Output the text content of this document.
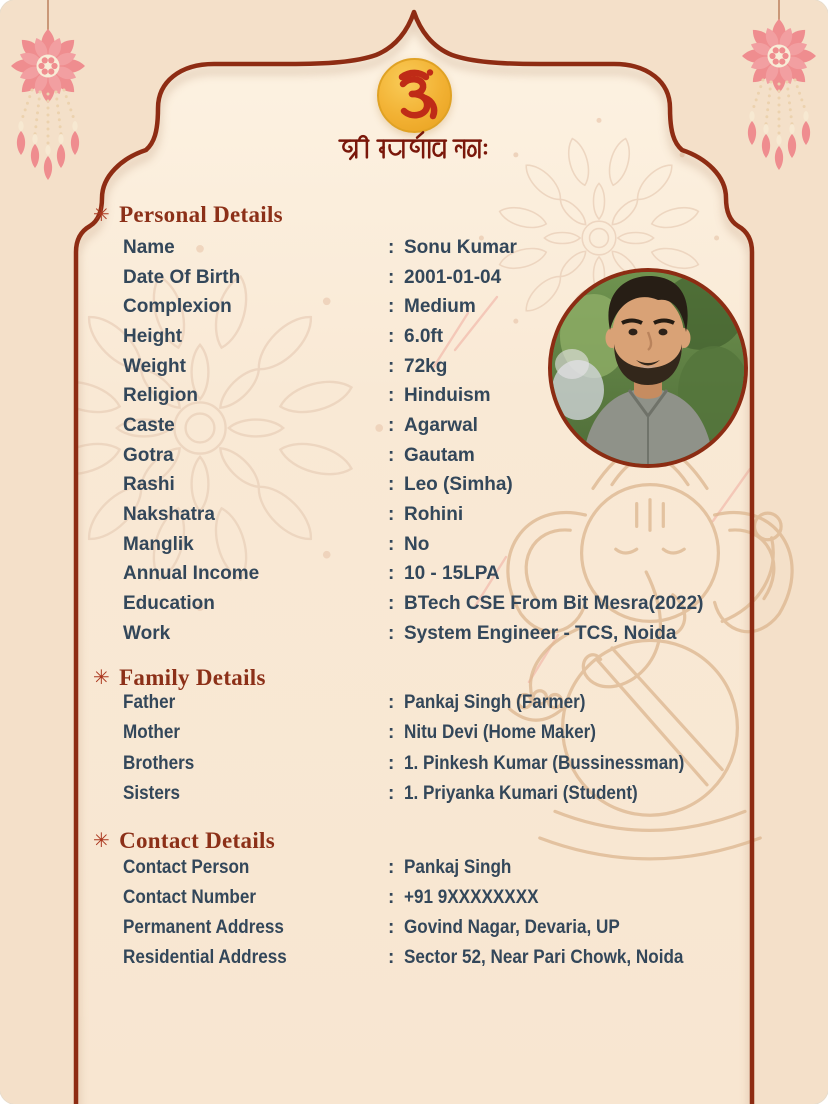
✳ Personal Details
Name	: Sonu Kumar
Date Of Birth	: 2001-01-04
Complexion	: Medium
Height	: 6.0ft
Weight	: 72kg
Religion	: Hinduism
Caste	: Agarwal
Gotra	: Gautam
Rashi	: Leo (Simha)
Nakshatra	: Rohini
Manglik	: No
Annual Income	: 10 - 15LPA
Education	: BTech CSE From Bit Mesra(2022)
Work	: System Engineer - TCS, Noida
✳ Family Details
Father	: Pankaj Singh (Farmer)
Mother	: Nitu Devi (Home Maker)
Brothers	: 1. Pinkesh Kumar (Bussinessman)
Sisters	: 1. Priyanka Kumari (Student)
✳ Contact Details
Contact Person	: Pankaj Singh
Contact Number	: +91 9XXXXXXXX
Permanent Address	: Govind Nagar, Devaria, UP
Residential Address	: Sector 52, Near Pari Chowk, Noida
